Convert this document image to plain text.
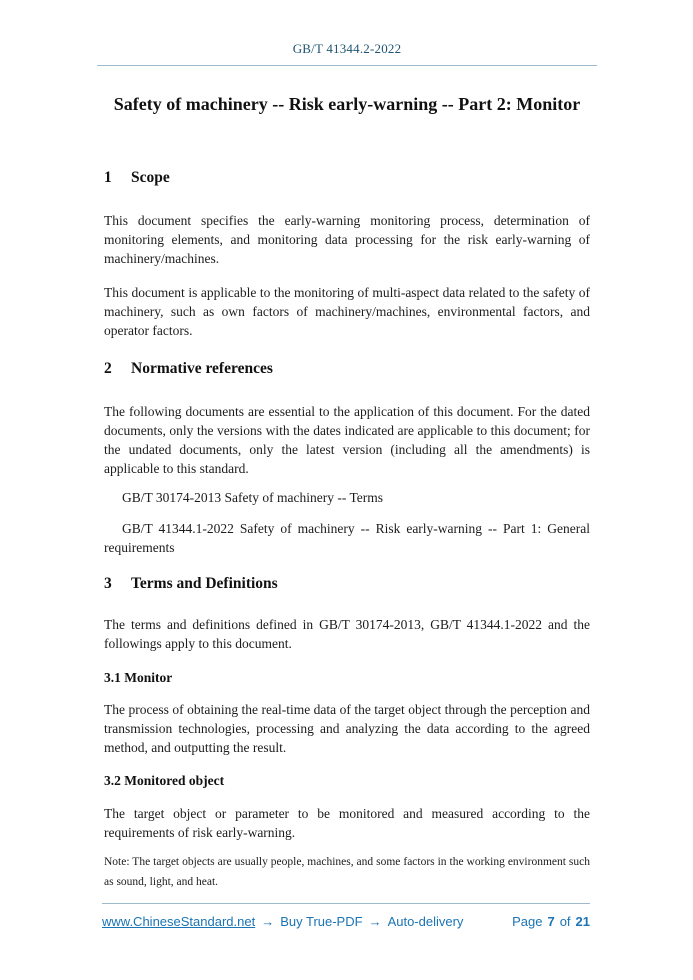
GB/T 41344.2-2022
Safety of machinery -- Risk early-warning -- Part 2: Monitor
1 Scope

This document specifies the early-warning monitoring process, determination of monitoring elements, and monitoring data processing for the risk early-warning of machinery/machines.

This document is applicable to the monitoring of multi-aspect data related to the safety of machinery, such as own factors of machinery/machines, environmental factors, and operator factors.

2 Normative references

The following documents are essential to the application of this document. For the dated documents, only the versions with the dates indicated are applicable to this document; for the undated documents, only the latest version (including all the amendments) is applicable to this standard.

GB/T 30174-2013 Safety of machinery -- Terms

GB/T 41344.1-2022 Safety of machinery -- Risk early-warning -- Part 1: General requirements

3 Terms and Definitions

The terms and definitions defined in GB/T 30174-2013, GB/T 41344.1-2022 and the followings apply to this document.

3.1 Monitor

The process of obtaining the real-time data of the target object through the perception and transmission technologies, processing and analyzing the data according to the agreed method, and outputting the result.

3.2 Monitored object

The target object or parameter to be monitored and measured according to the requirements of risk early-warning.

Note: The target objects are usually people, machines, and some factors in the working environment such as sound, light, and heat.

www.ChineseStandard.net → Buy True-PDF → Auto-delivery	Page 7 of 21
